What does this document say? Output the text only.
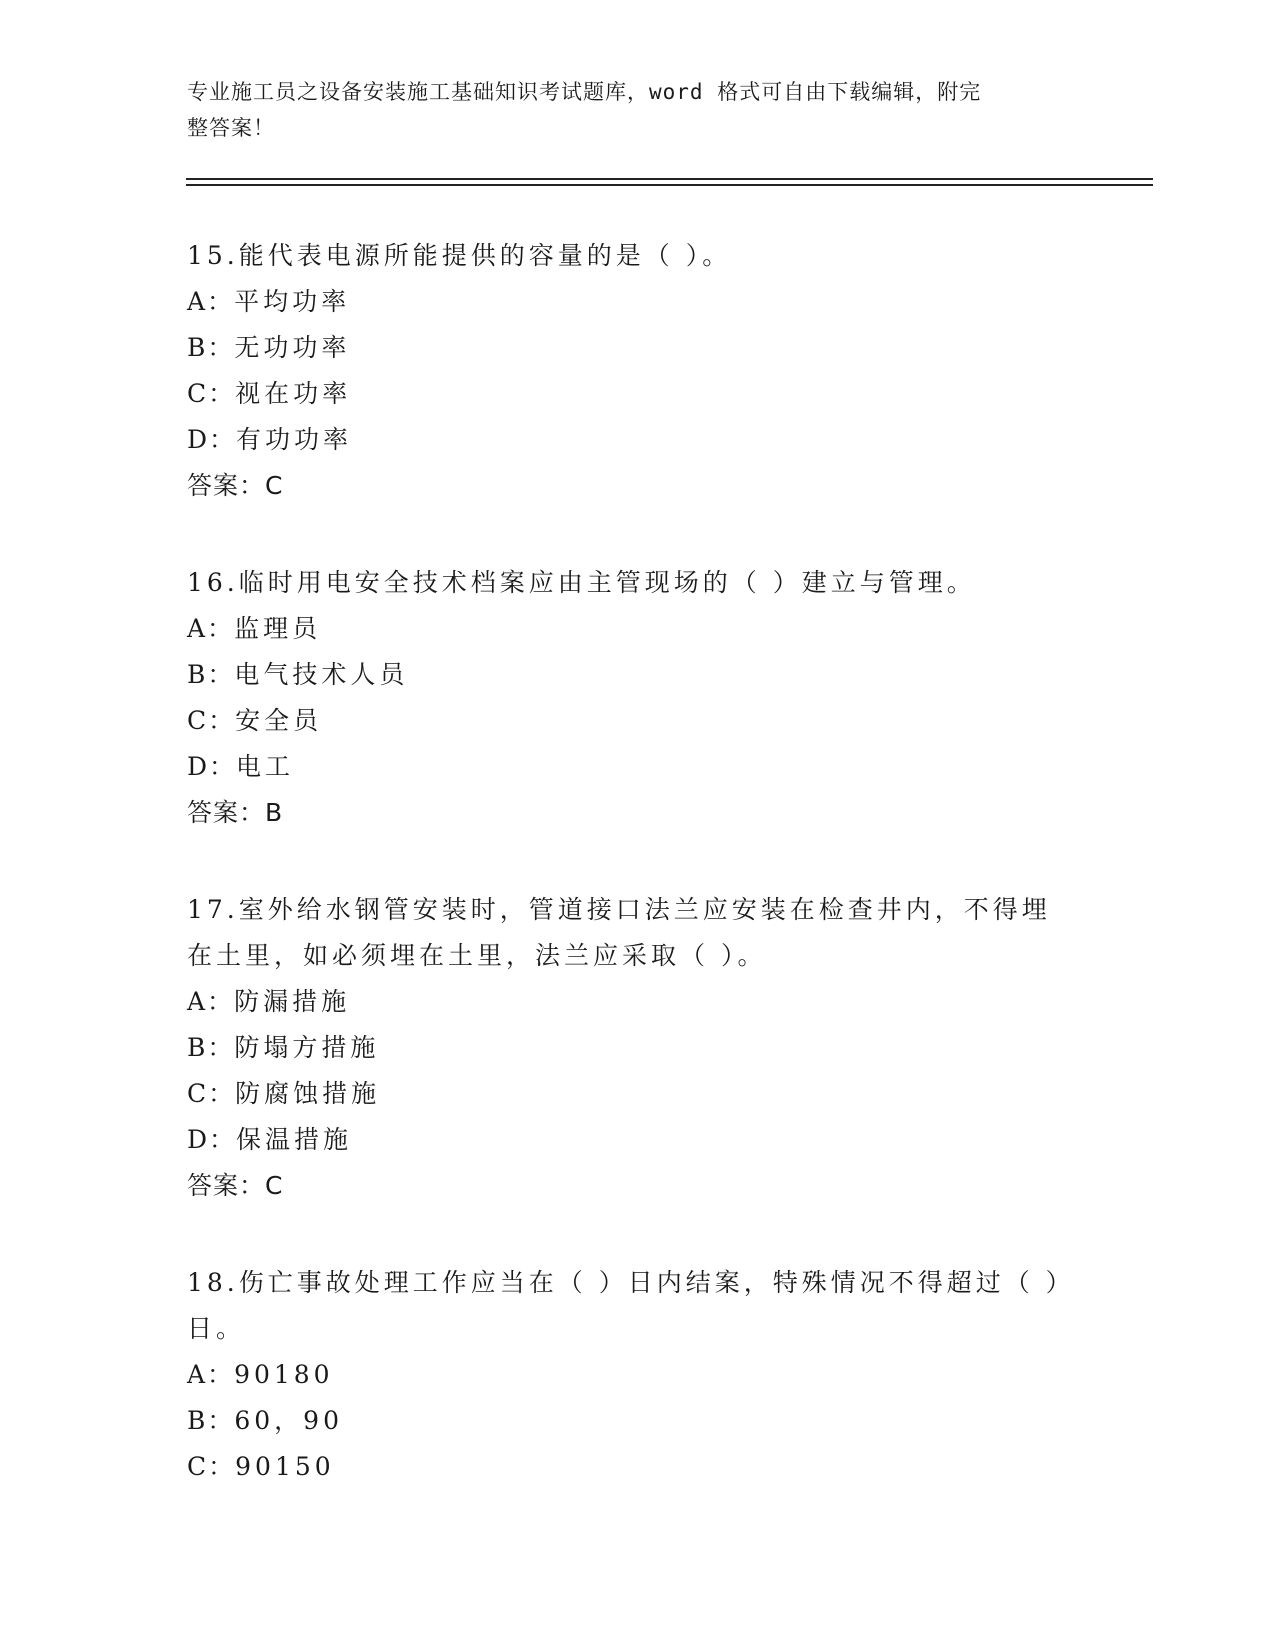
专业施工员之设备安装施工基础知识考试题库，word 格式可自由下载编辑，附完
整答案！
15.能代表电源所能提供的容量的是（ ）。
A：平均功率
B：无功功率
C：视在功率
D：有功功率
答案：C
16.临时用电安全技术档案应由主管现场的（ ）建立与管理。
A：监理员
B：电气技术人员
C：安全员
D：电工
答案：B
17.室外给水钢管安装时，管道接口法兰应安装在检查井内，不得埋在土里，如必须埋在土里，法兰应采取（ ）。
A：防漏措施
B：防塌方措施
C：防腐蚀措施
D：保温措施
答案：C
18.伤亡事故处理工作应当在（ ）日内结案，特殊情况不得超过（ ）日。
A：90180
B：60，90
C：90150
